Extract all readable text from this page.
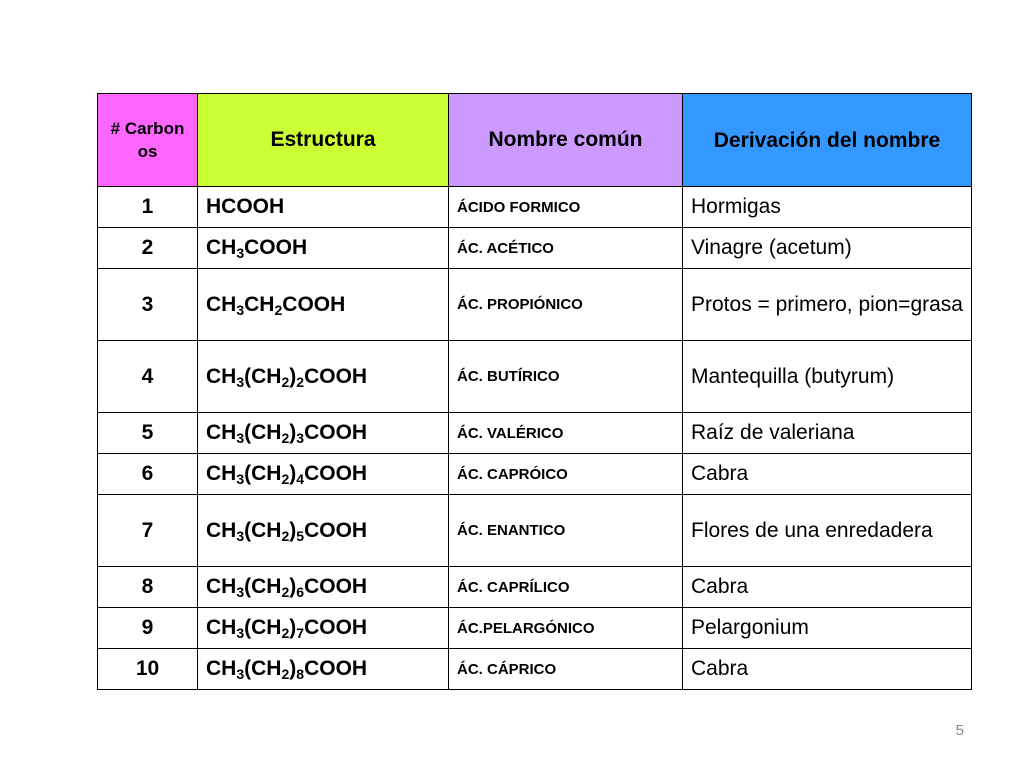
# Carbon os	Estructura	Nombre común	Derivación del nombre
1	HCOOH	ÁCIDO FORMICO	Hormigas
2	$CH_3COOH$	ÁC. ACÉTICO	Vinagre (acetum)
3	$CH_3CH_2COOH$	ÁC. PROPIÓNICO	Protos = primero, pion=grasa
4	$CH_3(CH_2)_2COOH$	ÁC. BUTÍRICO	Mantequilla (butyrum)
5	$CH_3(CH_2)_3COOH$	ÁC. VALÉRICO	Raíz de valeriana
6	$CH_3(CH_2)_4COOH$	ÁC. CAPRÓICO	Cabra
7	$CH_3(CH_2)_5COOH$	ÁC. ENANTICO	Flores de una enredadera
8	$CH_3(CH_2)_6COOH$	ÁC. CAPRÍLICO	Cabra
9	$CH_3(CH_2)_7COOH$	ÁC.PELARGÓNICO	Pelargonium
10	$CH_3(CH_2)_8COOH$	ÁC. CÁPRICO	Cabra
5
